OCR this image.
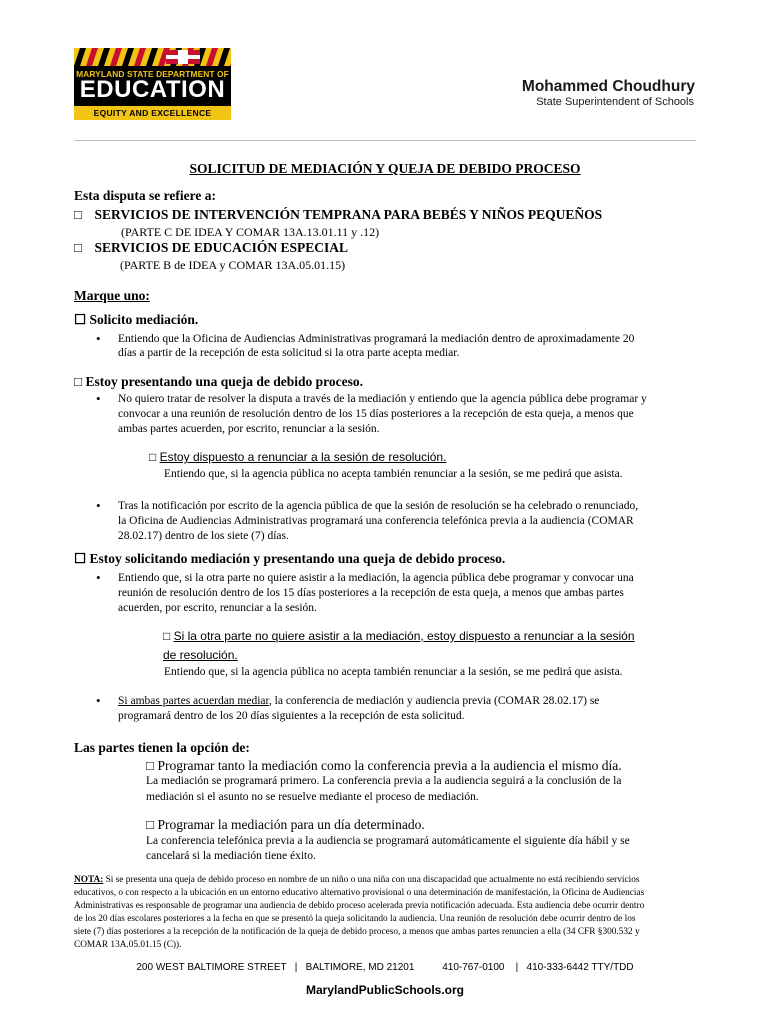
MARYLAND STATE DEPARTMENT OF
EDUCATION
EQUITY AND EXCELLENCE
Mohammed Choudhury
State Superintendent of Schools
SOLICITUD DE MEDIACIÓN Y QUEJA DE DEBIDO PROCESO
Esta disputa se refiere a:
□ SERVICIOS DE INTERVENCIÓN TEMPRANA PARA BEBÉS Y NIÑOS PEQUEÑOS
(PARTE C DE IDEA Y COMAR 13A.13.01.11 y .12)
□ SERVICIOS DE EDUCACIÓN ESPECIAL
(PARTE B de IDEA y COMAR 13A.05.01.15)
Marque uno:
☐ Solicito mediación.
• Entiendo que la Oficina de Audiencias Administrativas programará la mediación dentro de aproximadamente 20
días a partir de la recepción de esta solicitud si la otra parte acepta mediar.
□ Estoy presentando una queja de debido proceso.
• No quiero tratar de resolver la disputa a través de la mediación y entiendo que la agencia pública debe programar y
convocar a una reunión de resolución dentro de los 15 días posteriores a la recepción de esta queja, a menos que
ambas partes acuerden, por escrito, renunciar a la sesión.
□ Estoy dispuesto a renunciar a la sesión de resolución.
Entiendo que, si la agencia pública no acepta también renunciar a la sesión, se me pedirá que asista.
• Tras la notificación por escrito de la agencia pública de que la sesión de resolución se ha celebrado o renunciado,
la Oficina de Audiencias Administrativas programará una conferencia telefónica previa a la audiencia (COMAR
28.02.17) dentro de los siete (7) días.
☐ Estoy solicitando mediación y presentando una queja de debido proceso.
• Entiendo que, si la otra parte no quiere asistir a la mediación, la agencia pública debe programar y convocar una
reunión de resolución dentro de los 15 días posteriores a la recepción de esta queja, a menos que ambas partes
acuerden, por escrito, renunciar a la sesión.
□ Si la otra parte no quiere asistir a la mediación, estoy dispuesto a renunciar a la sesión
de resolución.
Entiendo que, si la agencia pública no acepta también renunciar a la sesión, se me pedirá que asista.
• Si ambas partes acuerdan mediar, la conferencia de mediación y audiencia previa (COMAR 28.02.17) se
programará dentro de los 20 días siguientes a la recepción de esta solicitud.
Las partes tienen la opción de:
□ Programar tanto la mediación como la conferencia previa a la audiencia el mismo día.
La mediación se programará primero. La conferencia previa a la audiencia seguirá a la conclusión de la
mediación si el asunto no se resuelve mediante el proceso de mediación.
□ Programar la mediación para un día determinado.
La conferencia telefónica previa a la audiencia se programará automáticamente el siguiente día hábil y se
cancelará si la mediación tiene éxito.
NOTA: Si se presenta una queja de debido proceso en nombre de un niño o una niña con una discapacidad que actualmente no está recibiendo servicios
educativos, o con respecto a la ubicación en un entorno educativo alternativo provisional o una determinación de manifestación, la Oficina de Audiencias
Administrativas es responsable de programar una audiencia de debido proceso acelerada previa notificación adecuada. Esta audiencia debe ocurrir dentro
de los 20 días escolares posteriores a la fecha en que se presentó la queja solicitando la audiencia. Una reunión de resolución debe ocurrir dentro de los
siete (7) días posteriores a la recepción de la notificación de la queja de debido proceso, a menos que ambas partes renuncien a ella (34 CFR §300.532 y
COMAR 13A.05.01.15 (C)).
200 WEST BALTIMORE STREET   |   BALTIMORE, MD 21201          410-767-0100    |   410-333-6442 TTY/TDD
MarylandPublicSchools.org
